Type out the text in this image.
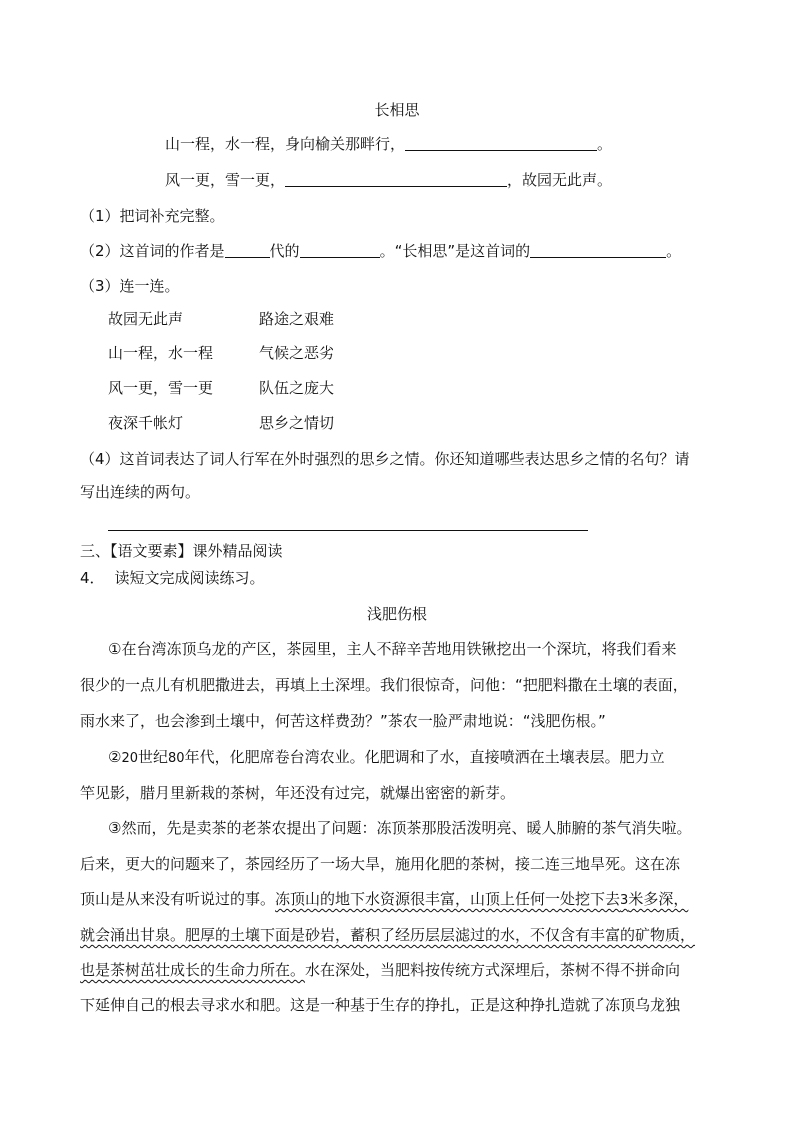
长相思
山一程，水一程，身向榆关那畔行，	。
风一更，雪一更，	，故园无此声。
（1）把词补充完整。
（2）这首词的作者是	代的	。“长相思”是这首词的	。
（3）连一连。
故园无此声	路途之艰难
山一程，水一程	气候之恶劣
风一更，雪一更	队伍之庞大
夜深千帐灯	思乡之情切
（4）这首词表达了词人行军在外时强烈的思乡之情。你还知道哪些表达思乡之情的名句？请
写出连续的两句。
三、【语文要素】课外精品阅读
4． 读短文完成阅读练习。
浅肥伤根
①在台湾冻顶乌龙的产区，茶园里，主人不辞辛苦地用铁锹挖出一个深坑，将我们看来
很少的一点儿有机肥撒进去，再填上土深埋。我们很惊奇，问他：“把肥料撒在土壤的表面，
雨水来了，也会渗到土壤中，何苦这样费劲？”茶农一脸严肃地说：“浅肥伤根。”
②20世纪80年代，化肥席卷台湾农业。化肥调和了水，直接喷洒在土壤表层。肥力立
竿见影，腊月里新栽的茶树，年还没有过完，就爆出密密的新芽。
③然而，先是卖茶的老茶农提出了问题：冻顶茶那股活泼明亮、暖人肺腑的茶气消失啦。
后来，更大的问题来了，茶园经历了一场大旱，施用化肥的茶树，接二连三地旱死。这在冻
顶山是从来没有听说过的事。冻顶山的地下水资源很丰富，山顶上任何一处挖下去3米多深，
就会涌出甘泉。肥厚的土壤下面是砂岩，蓄积了经历层层滤过的水，不仅含有丰富的矿物质，
也是茶树茁壮成长的生命力所在。水在深处，当肥料按传统方式深埋后，茶树不得不拼命向
下延伸自己的根去寻求水和肥。这是一种基于生存的挣扎，正是这种挣扎造就了冻顶乌龙独
